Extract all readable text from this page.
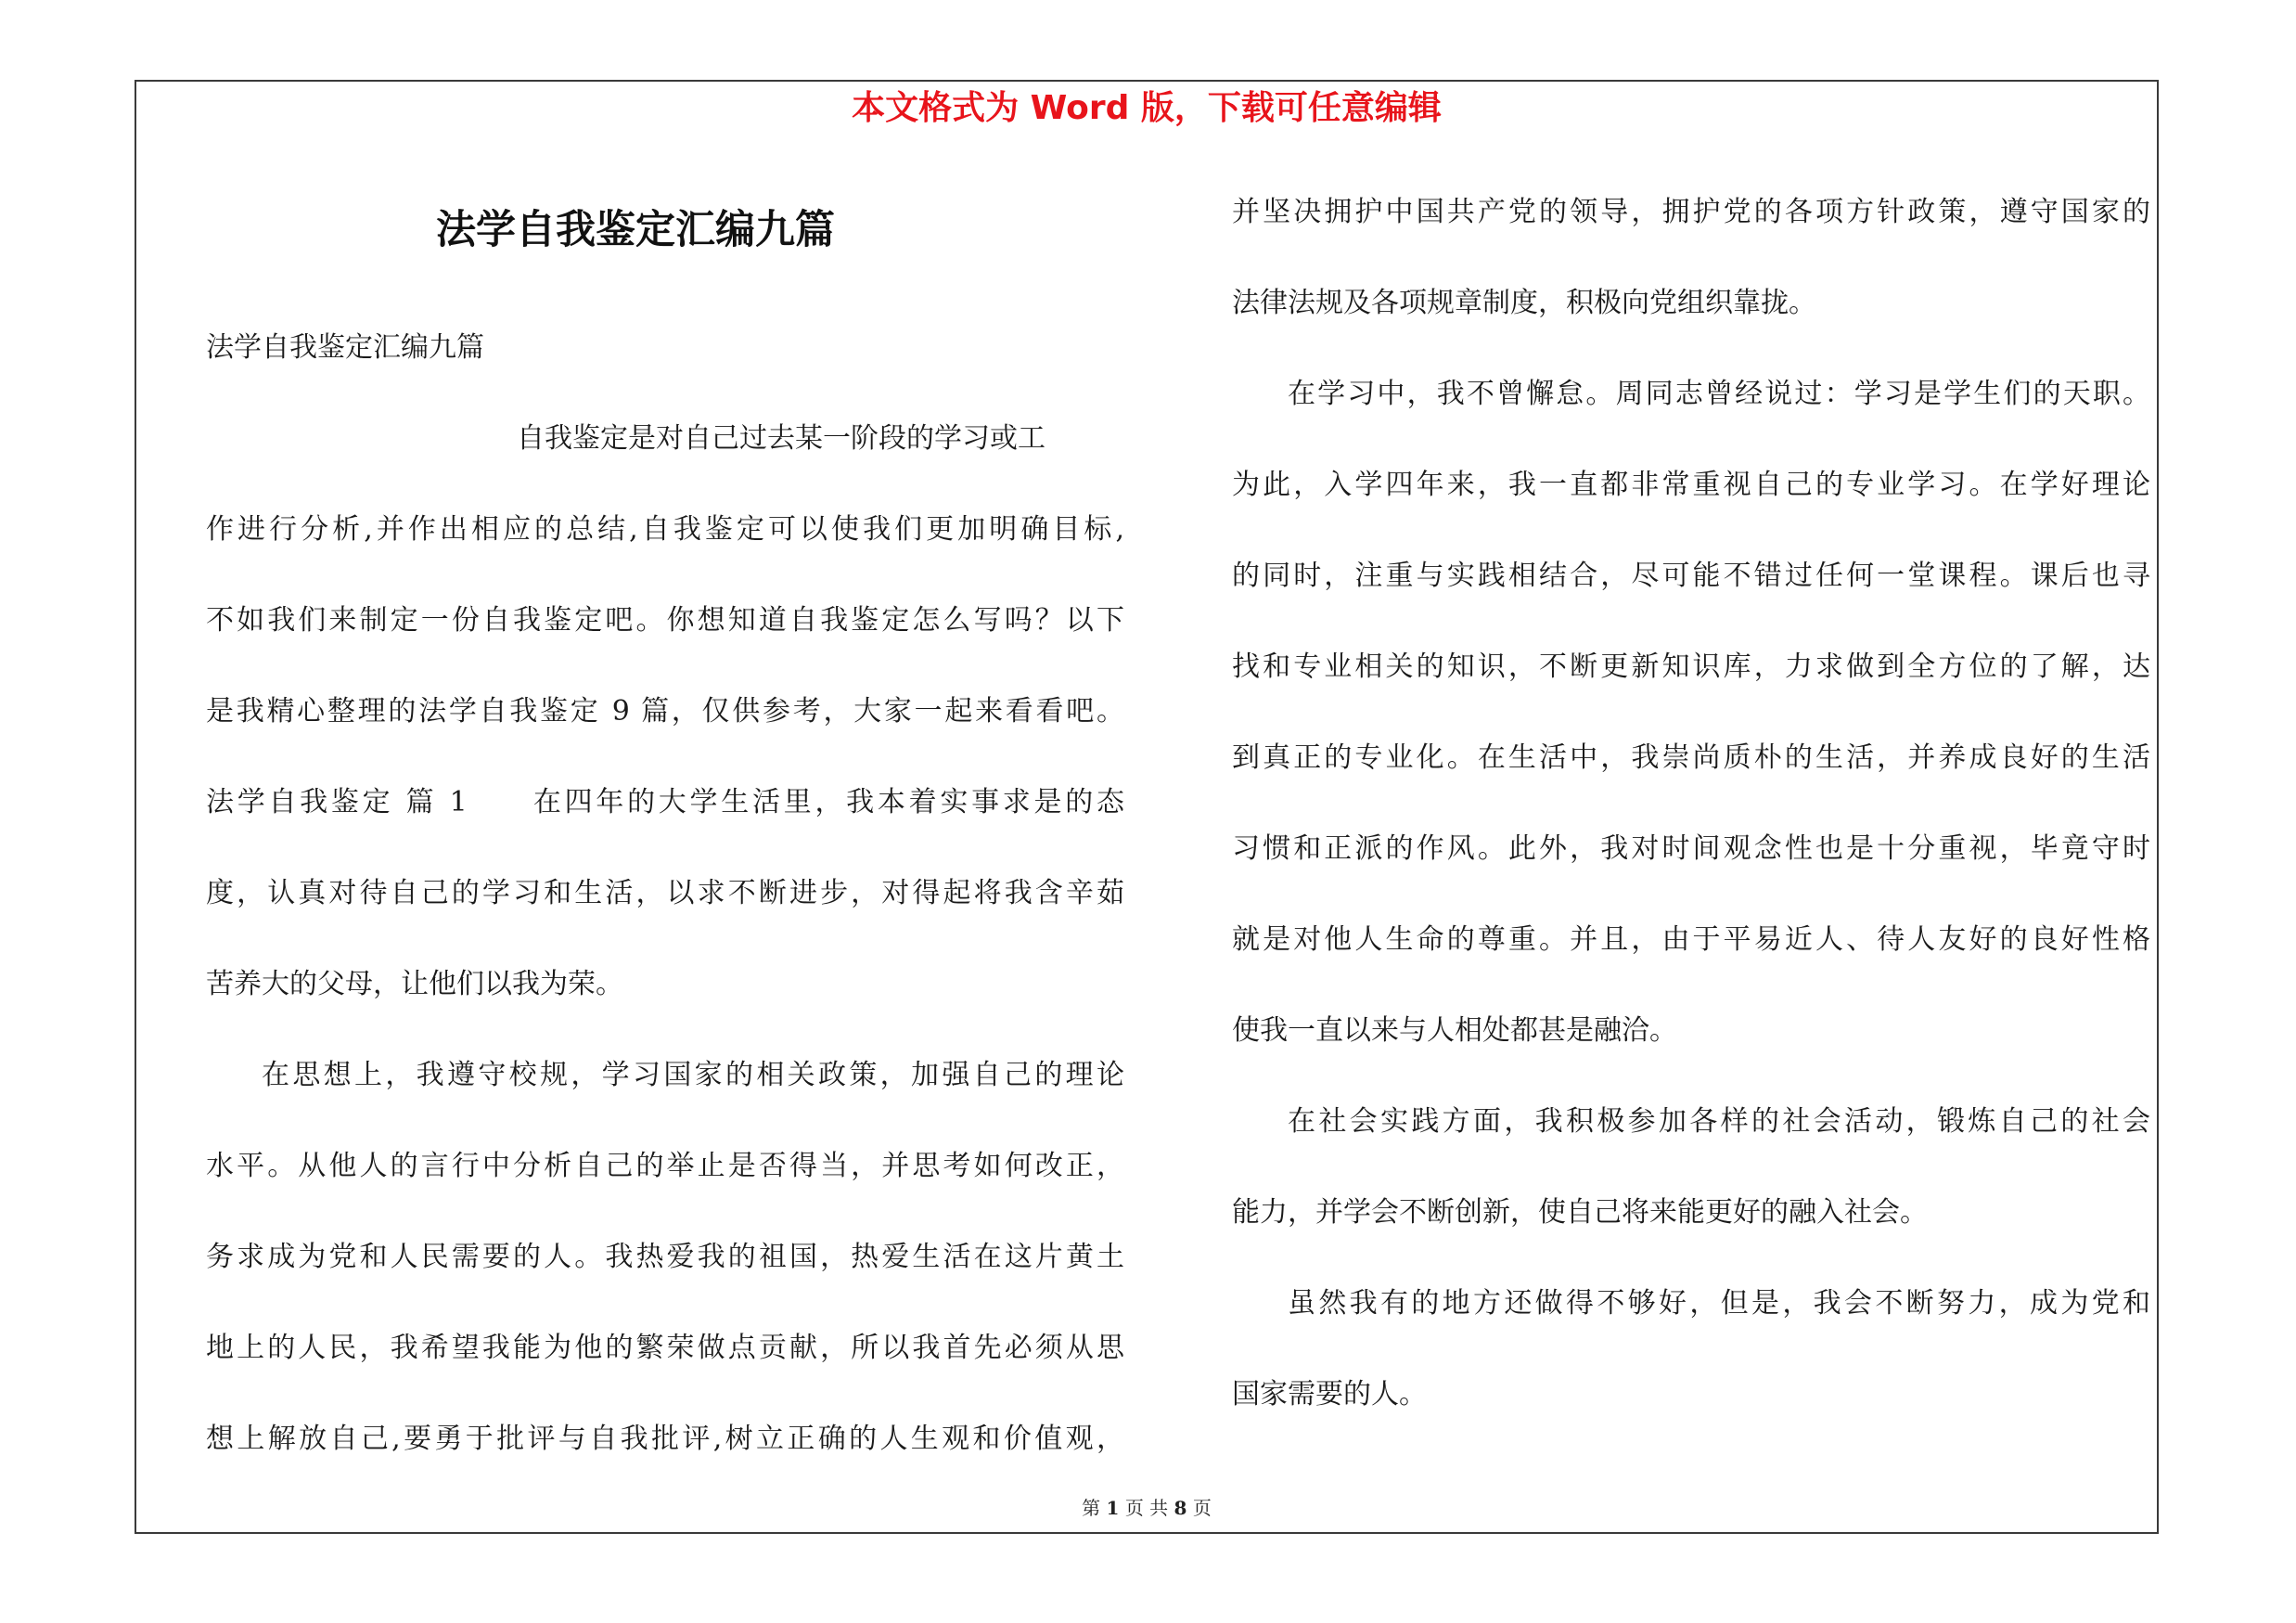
本文格式为 Word 版，下载可任意编辑
法学自我鉴定汇编九篇
法学自我鉴定汇编九篇
自我鉴定是对自己过去某一阶段的学习或工
作进行分析,并作出相应的总结,自我鉴定可以使我们更加明确目标,
不如我们来制定一份自我鉴定吧。你想知道自我鉴定怎么写吗？以下
是我精心整理的法学自我鉴定 9 篇，仅供参考，大家一起来看看吧。
法学自我鉴定 篇 1　　在四年的大学生活里，我本着实事求是的态
度，认真对待自己的学习和生活，以求不断进步，对得起将我含辛茹
苦养大的父母，让他们以我为荣。
在思想上，我遵守校规，学习国家的相关政策，加强自己的理论
水平。从他人的言行中分析自己的举止是否得当，并思考如何改正，
务求成为党和人民需要的人。我热爱我的祖国，热爱生活在这片黄土
地上的人民，我希望我能为他的繁荣做点贡献，所以我首先必须从思
想上解放自己,要勇于批评与自我批评,树立正确的人生观和价值观，
并坚决拥护中国共产党的领导，拥护党的各项方针政策，遵守国家的
法律法规及各项规章制度，积极向党组织靠拢。
在学习中，我不曾懈怠。周同志曾经说过：学习是学生们的天职。
为此，入学四年来，我一直都非常重视自己的专业学习。在学好理论
的同时，注重与实践相结合，尽可能不错过任何一堂课程。课后也寻
找和专业相关的知识，不断更新知识库，力求做到全方位的了解，达
到真正的专业化。在生活中，我崇尚质朴的生活，并养成良好的生活
习惯和正派的作风。此外，我对时间观念性也是十分重视，毕竟守时
就是对他人生命的尊重。并且，由于平易近人、待人友好的良好性格
使我一直以来与人相处都甚是融洽。
在社会实践方面，我积极参加各样的社会活动，锻炼自己的社会
能力，并学会不断创新，使自己将来能更好的融入社会。
虽然我有的地方还做得不够好，但是，我会不断努力，成为党和
国家需要的人。
第 1 页 共 8 页
